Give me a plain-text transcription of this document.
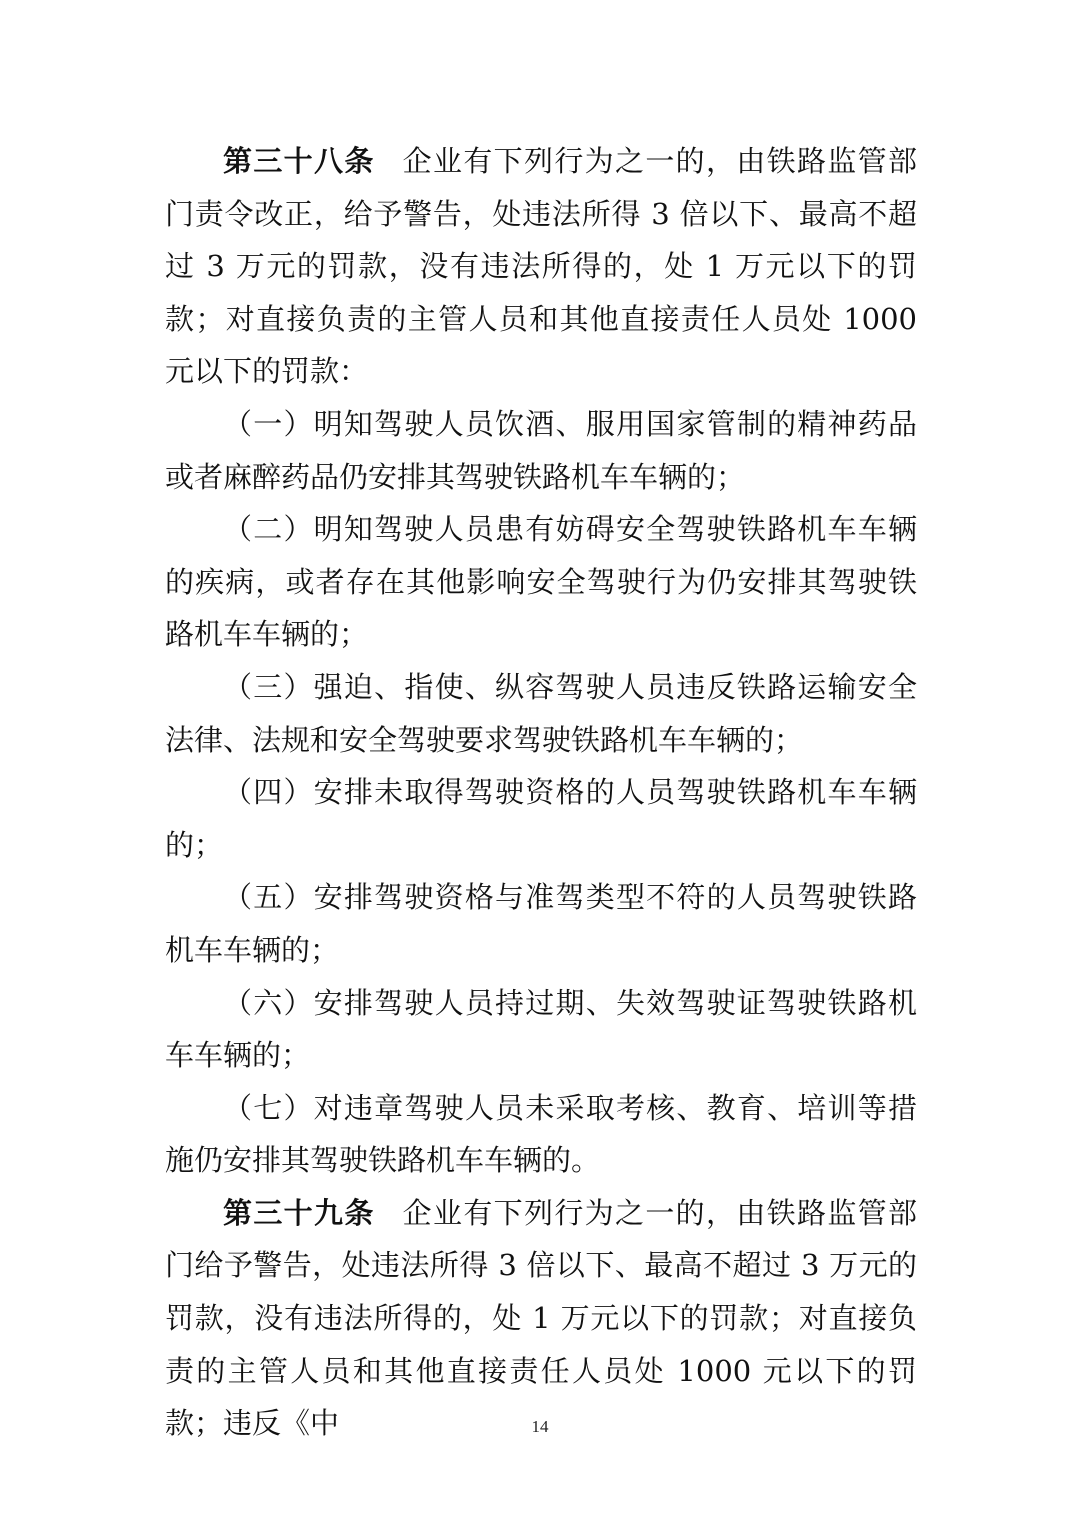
第三十八条 企业有下列行为之一的，由铁路监管部门责令改正，给予警告，处违法所得 3 倍以下、最高不超过 3 万元的罚款，没有违法所得的，处 1 万元以下的罚款；对直接负责的主管人员和其他直接责任人员处 1000 元以下的罚款：

（一）明知驾驶人员饮酒、服用国家管制的精神药品或者麻醉药品仍安排其驾驶铁路机车车辆的；

（二）明知驾驶人员患有妨碍安全驾驶铁路机车车辆的疾病，或者存在其他影响安全驾驶行为仍安排其驾驶铁路机车车辆的；

（三）强迫、指使、纵容驾驶人员违反铁路运输安全法律、法规和安全驾驶要求驾驶铁路机车车辆的；

（四）安排未取得驾驶资格的人员驾驶铁路机车车辆的；

（五）安排驾驶资格与准驾类型不符的人员驾驶铁路机车车辆的；

（六）安排驾驶人员持过期、失效驾驶证驾驶铁路机车车辆的；

（七）对违章驾驶人员未采取考核、教育、培训等措施仍安排其驾驶铁路机车车辆的。

第三十九条 企业有下列行为之一的，由铁路监管部门给予警告，处违法所得 3 倍以下、最高不超过 3 万元的罚款，没有违法所得的，处 1 万元以下的罚款；对直接负责的主管人员和其他直接责任人员处 1000 元以下的罚款；违反《中	14
